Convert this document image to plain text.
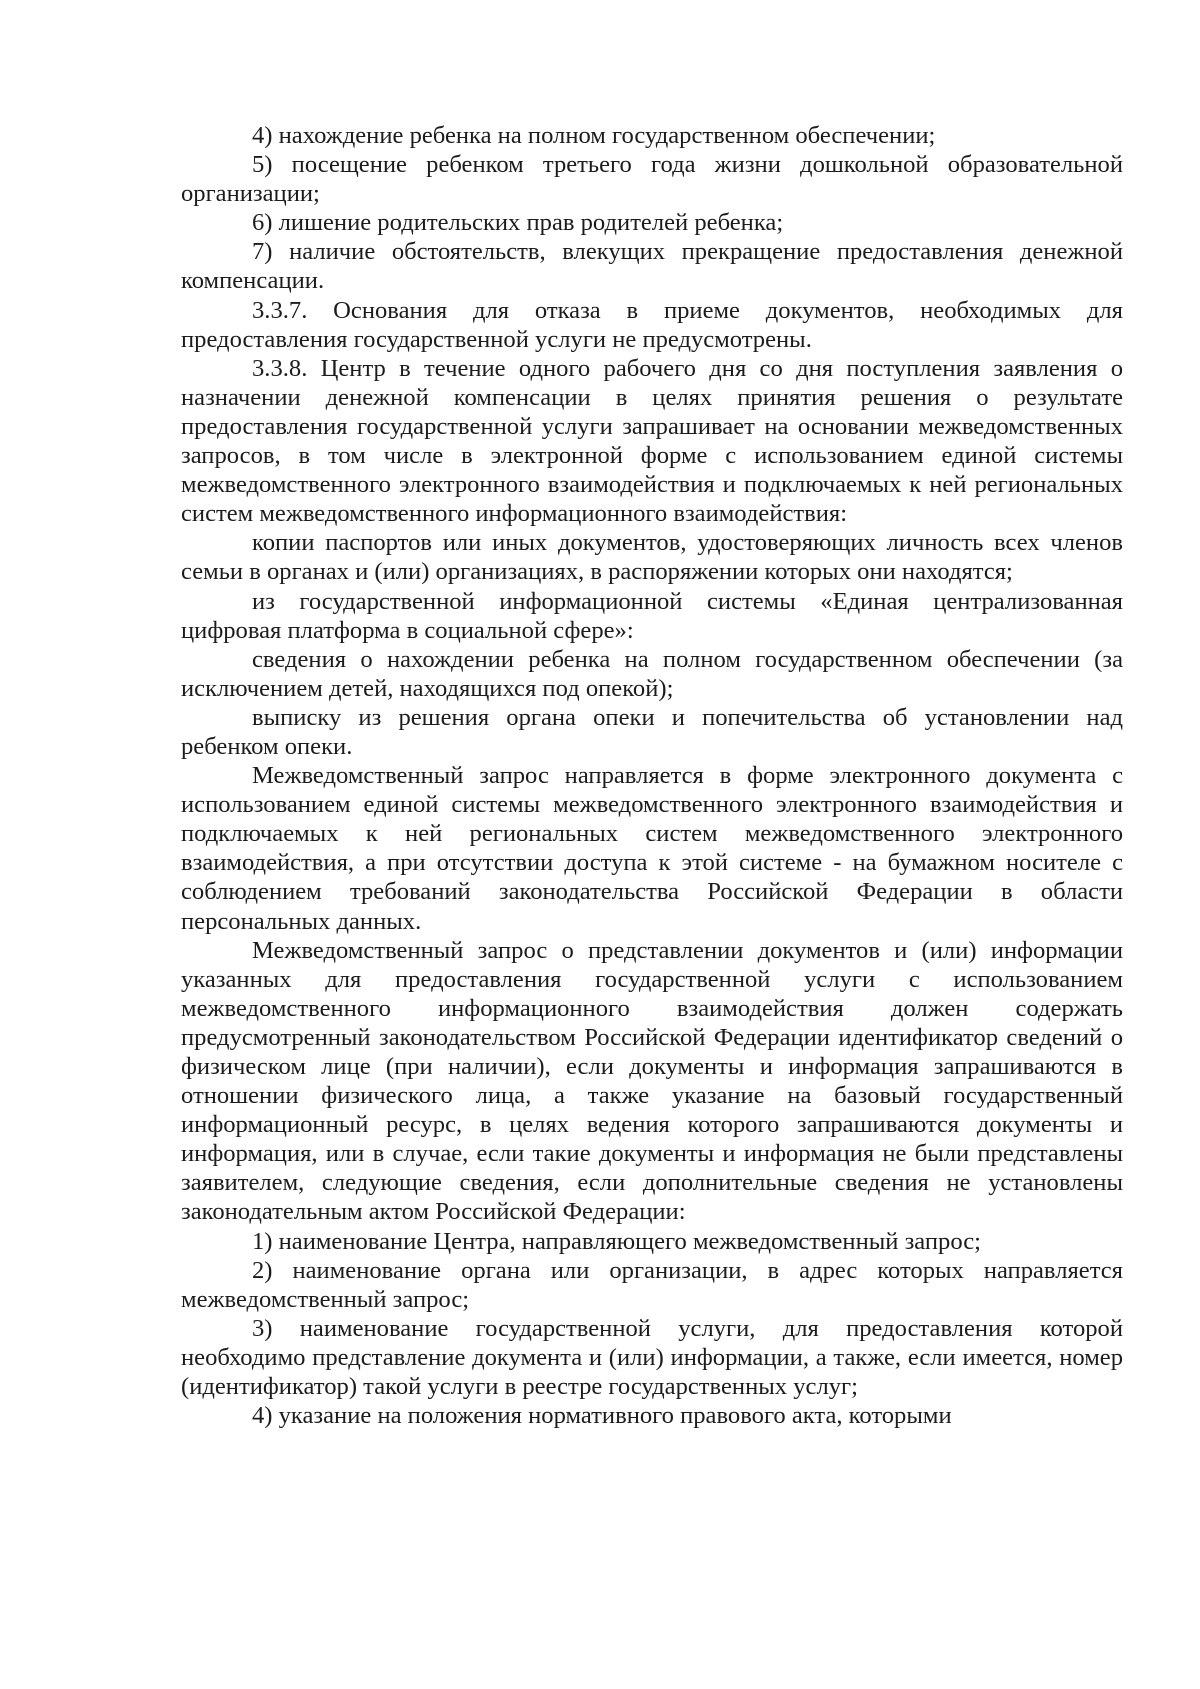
4) нахождение ребенка на полном государственном обеспечении;

5) посещение ребенком третьего года жизни дошкольной образовательной организации;

6) лишение родительских прав родителей ребенка;

7) наличие обстоятельств, влекущих прекращение предоставления денежной компенсации.

3.3.7. Основания для отказа в приеме документов, необходимых для предоставления государственной услуги не предусмотрены.

3.3.8. Центр в течение одного рабочего дня со дня поступления заявления о назначении денежной компенсации в целях принятия решения о результате предоставления государственной услуги запрашивает на основании межведомственных запросов, в том числе в электронной форме с использованием единой системы межведомственного электронного взаимодействия и подключаемых к ней региональных систем межведомственного информационного взаимодействия:

копии паспортов или иных документов, удостоверяющих личность всех членов семьи в органах и (или) организациях, в распоряжении которых они находятся;

из государственной информационной системы «Единая централизованная цифровая платформа в социальной сфере»:

сведения о нахождении ребенка на полном государственном обеспечении (за исключением детей, находящихся под опекой);

выписку из решения органа опеки и попечительства об установлении над ребенком опеки.

Межведомственный запрос направляется в форме электронного документа с использованием единой системы межведомственного электронного взаимодействия и подключаемых к ней региональных систем межведомственного электронного взаимодействия, а при отсутствии доступа к этой системе - на бумажном носителе с соблюдением требований законодательства Российской Федерации в области персональных данных.

Межведомственный запрос о представлении документов и (или) информации указанных для предоставления государственной услуги с использованием межведомственного информационного взаимодействия должен содержать предусмотренный законодательством Российской Федерации идентификатор сведений о физическом лице (при наличии), если документы и информация запрашиваются в отношении физического лица, а также указание на базовый государственный информационный ресурс, в целях ведения которого запрашиваются документы и информация, или в случае, если такие документы и информация не были представлены заявителем, следующие сведения, если дополнительные сведения не установлены законодательным актом Российской Федерации:

1) наименование Центра, направляющего межведомственный запрос;

2) наименование органа или организации, в адрес которых направляется межведомственный запрос;

3) наименование государственной услуги, для предоставления которой необходимо представление документа и (или) информации, а также, если имеется, номер (идентификатор) такой услуги в реестре государственных услуг;

4) указание на положения нормативного правового акта, которыми
